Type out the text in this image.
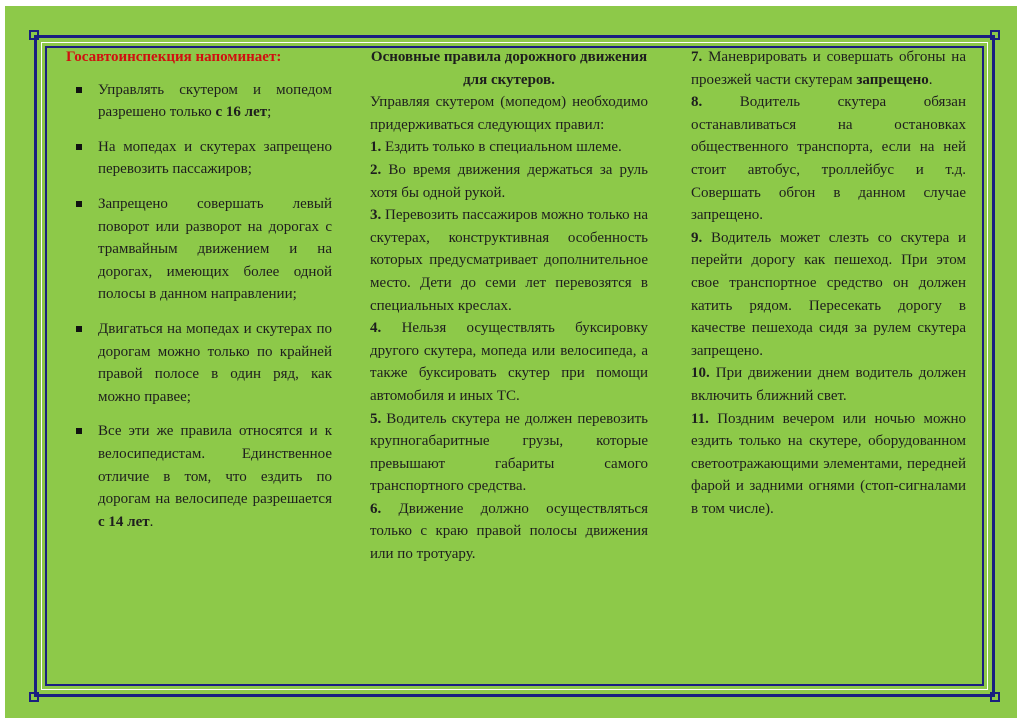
Госавтоинспекция напоминает:

Управлять скутером и мопедом разрешено только с 16 лет;
На мопедах и скутерах запрещено перевозить пассажиров;
Запрещено совершать левый поворот или разворот на дорогах с трамвайным движением и на дорогах, имеющих более одной полосы в данном направлении;
Двигаться на мопедах и скутерах по дорогам можно только по крайней правой полосе в один ряд, как можно правее;
Все эти же правила относятся и к велосипедистам. Единственное отличие в том, что ездить по дорогам на велосипеде разрешается с 14 лет.

Основные правила дорожного движения для скутеров.

Управляя скутером (мопедом) необходимо придерживаться следующих правил:

1. Ездить только в специальном шлеме.

2. Во время движения держаться за руль хотя бы одной рукой.

3. Перевозить пассажиров можно только на скутерах, конструктивная особенность которых предусматривает дополнительное место. Дети до семи лет перевозятся в специальных креслах.

4. Нельзя осуществлять буксировку другого скутера, мопеда или велосипеда, а также буксировать скутер при помощи автомобиля и иных ТС.

5. Водитель скутера не должен перевозить крупногабаритные грузы, которые превышают габариты самого транспортного средства.

6. Движение должно осуществляться только с краю правой полосы движения или по тротуару.

7. Маневрировать и совершать обгоны на проезжей части скутерам запрещено.

8. Водитель скутера обязан останавливаться на остановках общественного транспорта, если на ней стоит автобус, троллейбус и т.д. Совершать обгон в данном случае запрещено.

9. Водитель может слезть со скутера и перейти дорогу как пешеход. При этом свое транспортное средство он должен катить рядом. Пересекать дорогу в качестве пешехода сидя за рулем скутера запрещено.

10. При движении днем водитель должен включить ближний свет.

11. Поздним вечером или ночью можно ездить только на скутере, оборудованном светоотражающими элементами, передней фарой и задними огнями (стоп-сигналами в том числе).
